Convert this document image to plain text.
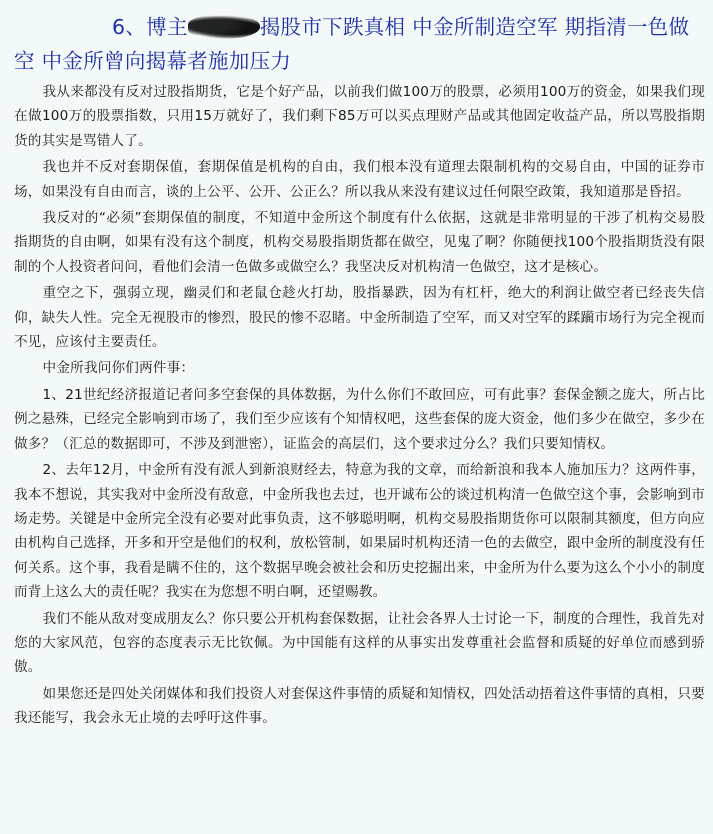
6、博主	揭股市下跌真相 中金所制造空军 期指清一色做空 中金所曾向揭幕者施加压力

我从来都没有反对过股指期货，它是个好产品，以前我们做100万的股票，必须用100万的资金，如果我们现在做100万的股票指数，只用15万就好了，我们剩下85万可以买点理财产品或其他固定收益产品，所以骂股指期货的其实是骂错人了。

我也并不反对套期保值，套期保值是机构的自由，我们根本没有道理去限制机构的交易自由，中国的证券市场，如果没有自由而言，谈的上公平、公开、公正么？所以我从来没有建议过任何限空政策，我知道那是昏招。

我反对的“必须”套期保值的制度，不知道中金所这个制度有什么依据，这就是非常明显的干涉了机构交易股指期货的自由啊，如果有没有这个制度，机构交易股指期货都在做空，见鬼了啊？你随便找100个股指期货没有限制的个人投资者问问，看他们会清一色做多或做空么？我坚决反对机构清一色做空，这才是核心。

重空之下，强弱立现，幽灵们和老鼠仓趁火打劫，股指暴跌，因为有杠杆，绝大的利润让做空者已经丧失信仰，缺失人性。完全无视股市的惨烈，股民的惨不忍睹。中金所制造了空军，而又对空军的蹂躏市场行为完全视而不见，应该付主要责任。

中金所我问你们两件事：

1、21世纪经济报道记者问多空套保的具体数据，为什么你们不敢回应，可有此事？套保金额之庞大，所占比例之悬殊，已经完全影响到市场了，我们至少应该有个知情权吧，这些套保的庞大资金，他们多少在做空，多少在做多？（汇总的数据即可，不涉及到泄密），证监会的高层们，这个要求过分么？我们只要知情权。

2、去年12月，中金所有没有派人到新浪财经去，特意为我的文章，而给新浪和我本人施加压力？这两件事，我本不想说，其实我对中金所没有敌意，中金所我也去过，也开诚布公的谈过机构清一色做空这个事，会影响到市场走势。关键是中金所完全没有必要对此事负责，这不够聪明啊，机构交易股指期货你可以限制其额度，但方向应由机构自己选择，开多和开空是他们的权利，放松管制，如果届时机构还清一色的去做空，跟中金所的制度没有任何关系。这个事，我看是瞒不住的，这个数据早晚会被社会和历史挖掘出来，中金所为什么要为这么个小小的制度而背上这么大的责任呢？我实在为您想不明白啊，还望赐教。

我们不能从敌对变成朋友么？你只要公开机构套保数据，让社会各界人士讨论一下，制度的合理性，我首先对您的大家风范，包容的态度表示无比钦佩。为中国能有这样的从事实出发尊重社会监督和质疑的好单位而感到骄傲。

如果您还是四处关闭媒体和我们投资人对套保这件事情的质疑和知情权，四处活动捂着这件事情的真相，只要我还能写，我会永无止境的去呼吁这件事。
